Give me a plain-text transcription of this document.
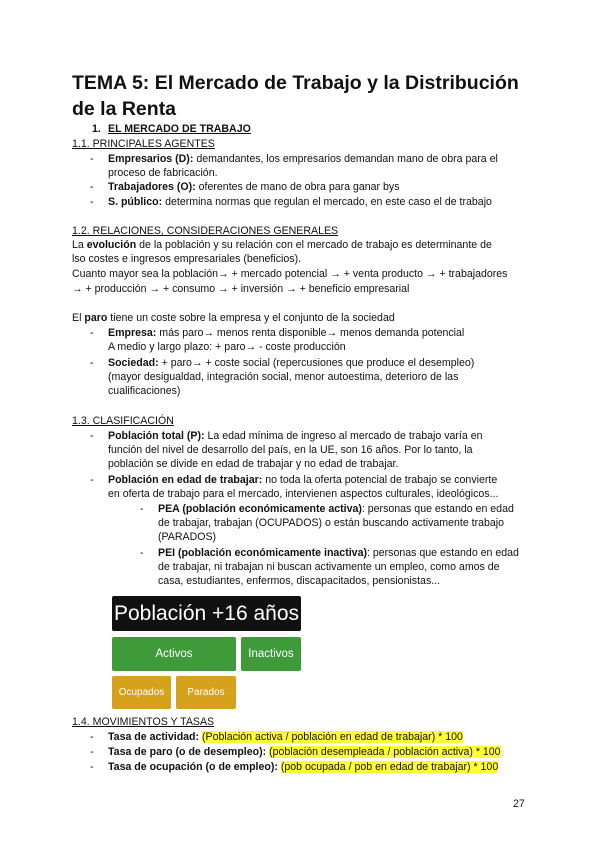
TEMA 5: El Mercado de Trabajo y la Distribución de la Renta
1. EL MERCADO DE TRABAJO
1.1. PRINCIPALES AGENTES
- Empresarios (D): demandantes, los empresarios demandan mano de obra para el
proceso de fabricación.
- Trabajadores (O): oferentes de mano de obra para ganar bys
- S. público: determina normas que regulan el mercado, en este caso el de trabajo
1.2. RELACIONES, CONSIDERACIONES GENERALES
La evolución de la población y su relación con el mercado de trabajo es determinante de
lso costes e ingresos empresariales (beneficios).
Cuanto mayor sea la población→ + mercado potencial → + venta producto → + trabajadores
→ + producción → + consumo → + inversión → + beneficio empresarial
El paro tiene un coste sobre la empresa y el conjunto de la sociedad
- Empresa: más paro→ menos renta disponible→ menos demanda potencial
A medio y largo plazo: + paro→ - coste producción
- Sociedad: + paro→ + coste social (repercusiones que produce el desempleo)
(mayor desigualdad, integración social, menor autoestima, deterioro de las
cualificaciones)
1.3. CLASIFICACIÓN
- Población total (P): La edad mínima de ingreso al mercado de trabajo varía en
función del nivel de desarrollo del país, en la UE, son 16 años. Por lo tanto, la
población se divide en edad de trabajar y no edad de trabajar.
- Población en edad de trabajar: no toda la oferta potencial de trabajo se convierte
en oferta de trabajo para el mercado, intervienen aspectos culturales, ideológicos...
- PEA (población económicamente activa): personas que estando en edad
de trabajar, trabajan (OCUPADOS) o están buscando activamente trabajo
(PARADOS)
- PEI (población económicamente inactiva): personas que estando en edad
de trabajar, ni trabajan ni buscan activamente un empleo, como amos de
casa, estudiantes, enfermos, discapacitados, pensionistas...
Población +16 años
Activos	Inactivos
Ocupados	Parados
1.4. MOVIMIENTOS Y TASAS
- Tasa de actividad: (Población activa / población en edad de trabajar) * 100
- Tasa de paro (o de desempleo): (población desempleada / población activa) * 100
- Tasa de ocupación (o de empleo): (pob ocupada / pob en edad de trabajar) * 100
27
